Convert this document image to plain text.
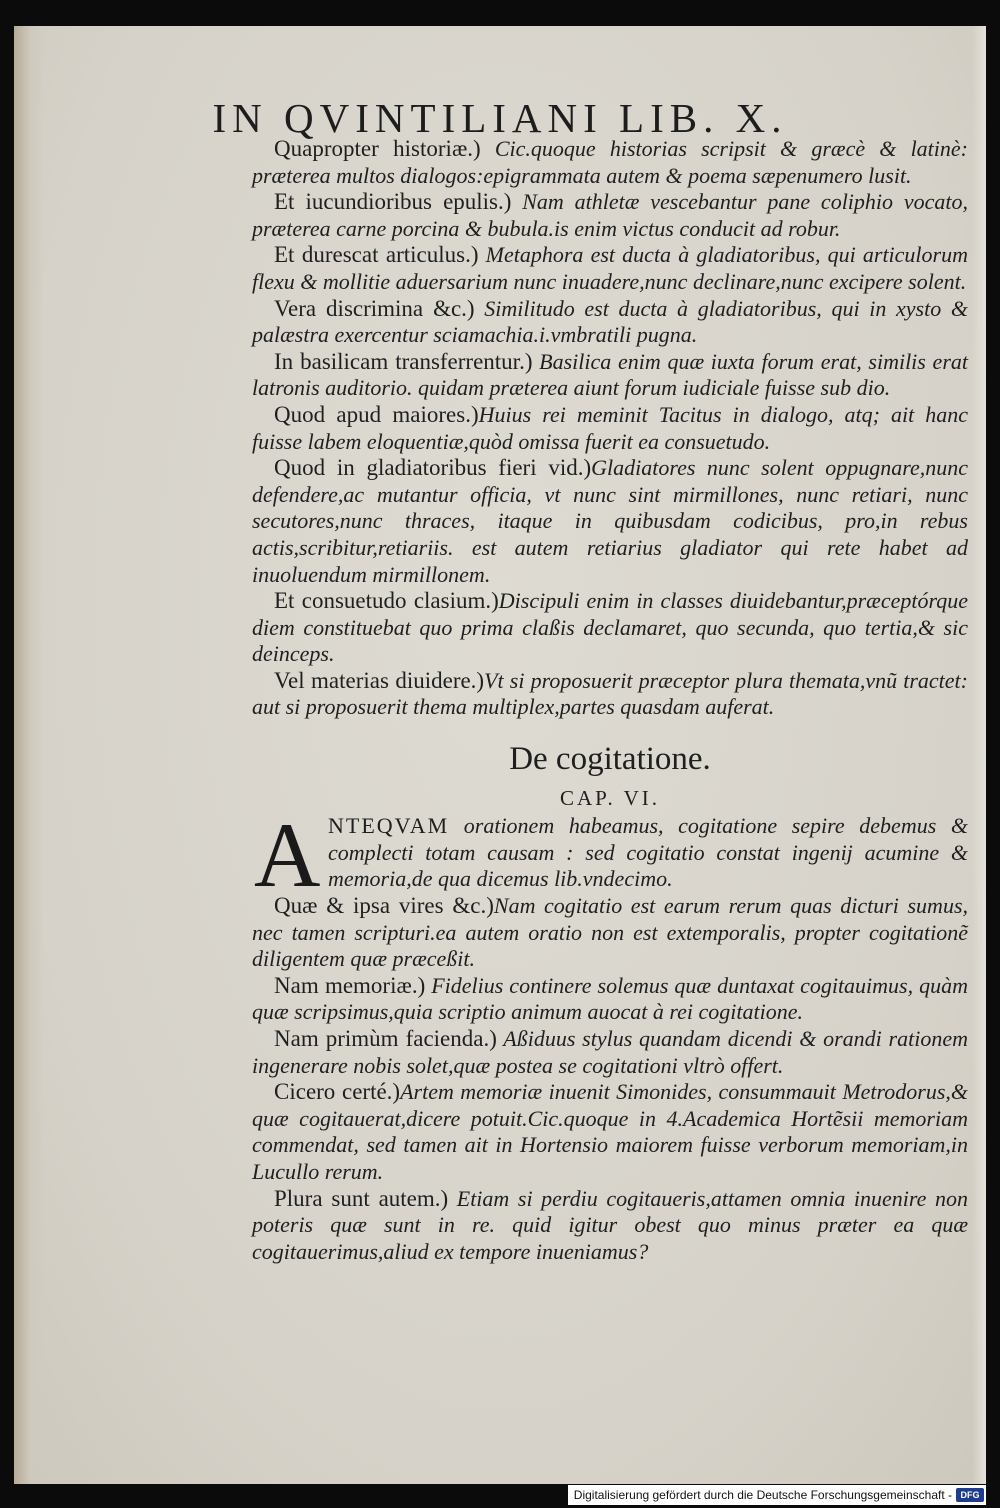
IN QVINTILIANI LIB. X.

Quapropter historiæ.) Cic.quoque historias scripsit & græcè & latinè: præterea multos dialogos:epigrammata autem & poema sæpenumero lusit.

Et iucundioribus epulis.) Nam athletæ vescebantur pane coliphio vocato, præterea carne porcina & bubula.is enim victus conducit ad robur.

Et durescat articulus.) Metaphora est ducta à gladiatoribus, qui articulorum flexu & mollitie aduersarium nunc inuadere,nunc declinare,nunc excipere solent.

Vera discrimina &c.) Similitudo est ducta à gladiatoribus, qui in xysto & palæstra exercentur sciamachia.i.vmbratili pugna.

In basilicam transferrentur.) Basilica enim quæ iuxta forum erat, similis erat latronis auditorio. quidam præterea aiunt forum iudiciale fuisse sub dio.

Quod apud maiores.)Huius rei meminit Tacitus in dialogo, atq; ait hanc fuisse labem eloquentiæ,quòd omissa fuerit ea consuetudo.

Quod in gladiatoribus fieri vid.)Gladiatores nunc solent oppugnare,nunc defendere,ac mutantur officia, vt nunc sint mirmillones, nunc retiari, nunc secutores,nunc thraces, itaque in quibusdam codicibus, pro,in rebus actis,scribitur,retiariis. est autem retiarius gladiator qui rete habet ad inuoluendum mirmillonem.

Et consuetudo clasium.)Discipuli enim in classes diuidebantur,præceptórque diem constituebat quo prima claßis declamaret, quo secunda, quo tertia,& sic deinceps.

Vel materias diuidere.)Vt si proposuerit præceptor plura themata,vnũ tractet: aut si proposuerit thema multiplex,partes quasdam auferat.

De cogitatione.
CAP. VI.

A NTEQVAM orationem habeamus, cogitatione sepire debemus & complecti totam causam : sed cogitatio constat ingenij acumine & memoria,de qua dicemus lib.vndecimo.

Quæ & ipsa vires &c.)Nam cogitatio est earum rerum quas dicturi sumus, nec tamen scripturi.ea autem oratio non est extemporalis, propter cogitationẽ diligentem quæ præceßit.

Nam memoriæ.) Fidelius continere solemus quæ duntaxat cogitauimus, quàm quæ scripsimus,quia scriptio animum auocat à rei cogitatione.

Nam primùm facienda.) Aßiduus stylus quandam dicendi & orandi rationem ingenerare nobis solet,quæ postea se cogitationi vltrò offert.

Cicero certé.)Artem memoriæ inuenit Simonides, consummauit Metrodorus,& quæ cogitauerat,dicere potuit.Cic.quoque in 4.Academica Hortẽsii memoriam commendat, sed tamen ait in Hortensio maiorem fuisse verborum memoriam,in Lucullo rerum.

Plura sunt autem.) Etiam si perdiu cogitaueris,attamen omnia inuenire non poteris quæ sunt in re. quid igitur obest quo minus præter ea quæ cogitauerimus,aliud ex tempore inueniamus?

Digitalisierung gefördert durch die Deutsche Forschungsgemeinschaft - DFG
